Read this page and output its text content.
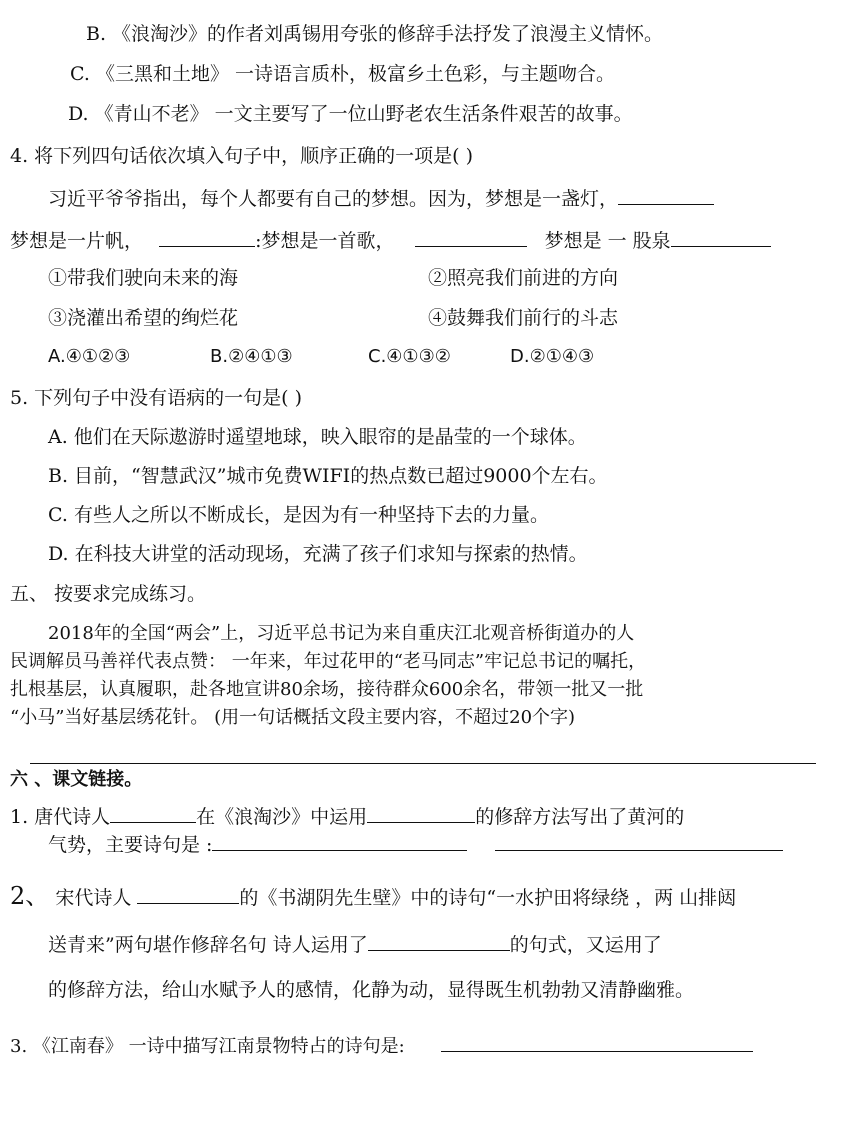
B. 《浪淘沙》的作者刘禹锡用夸张的修辞手法抒发了浪漫主义情怀。
C. 《三黑和土地》 一诗语言质朴，极富乡土色彩，与主题吻合。
D. 《青山不老》 一文主要写了一位山野老农生活条件艰苦的故事。
4. 将下列四句话依次填入句子中，顺序正确的一项是( )
习近平爷爷指出，每个人都要有自己的梦想。因为，梦想是一盏灯，
梦想是一片帆，	:梦想是一首歌，	梦想是 一 股泉
①带我们驶向未来的海	②照亮我们前进的方向
③浇灌出希望的绚烂花	④鼓舞我们前行的斗志
A.④①②③	B.②④①③	C.④①③②	D.②①④③
5. 下列句子中没有语病的一句是( )
A. 他们在天际遨游时遥望地球，映入眼帘的是晶莹的一个球体。
B. 目前，“智慧武汉”城市免费WIFI的热点数已超过9000个左右。
C. 有些人之所以不断成长，是因为有一种坚持下去的力量。
D. 在科技大讲堂的活动现场，充满了孩子们求知与探索的热情。
五、 按要求完成练习。
2018年的全国“两会”上，习近平总书记为来自重庆江北观音桥街道办的人
民调解员马善祥代表点赞： 一年来，年过花甲的“老马同志”牢记总书记的嘱托，
扎根基层，认真履职，赴各地宣讲80余场，接待群众600余名，带领一批又一批
“小马”当好基层绣花针。 (用一句话概括文段主要内容，不超过20个字)
六 、课文链接。
1. 唐代诗人	在《浪淘沙》中运用	的修辞方法写出了黄河的
气势，主要诗句是 :
2、 宋代诗人	的《书湖阴先生壁》中的诗句“一水护田将绿绕 ，两 山排闼
送青来”两句堪作修辞名句 诗人运用了	的句式，又运用了
的修辞方法，给山水赋予人的感情，化静为动，显得既生机勃勃又清静幽雅。
3. 《江南春》 一诗中描写江南景物特占的诗句是:
